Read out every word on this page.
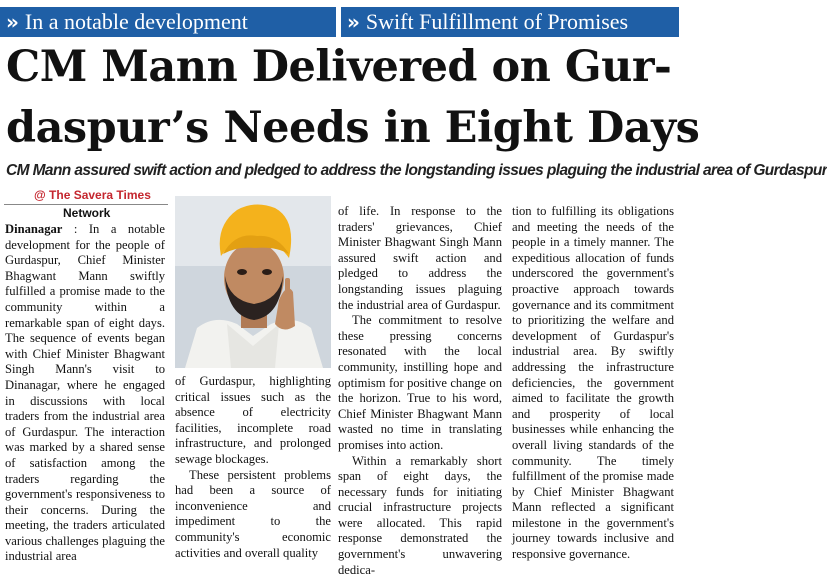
» In a notable development	» Swift Fulfillment of Promises
CM Mann Delivered on Gur-
daspur’s Needs in Eight Days
CM Mann assured swift action and pledged to address the longstanding issues plaguing the industrial area of Gurdaspur
@ The Savera Times
Network

Dinanagar : In a notable development for the people of Gurdaspur, Chief Minister Bhagwant Mann swiftly fulfilled a promise made to the community within a remarkable span of eight days. The sequence of events began with Chief Minister Bhagwant Singh Mann's visit to Dinanagar, where he engaged in discussions with local traders from the industrial area of Gurdaspur. The interaction was marked by a shared sense of satisfaction among the traders regarding the government's responsiveness to their concerns. During the meeting, the traders articulated various challenges plaguing the industrial area

of Gurdaspur, highlighting critical issues such as the absence of electricity facilities, incomplete road infrastructure, and prolonged sewage blockages.

These persistent problems had been a source of inconvenience and impediment to the community's economic activities and overall quality

of life. In response to the traders' grievances, Chief Minister Bhagwant Singh Mann assured swift action and pledged to address the longstanding issues plaguing the industrial area of Gurdaspur.

The commitment to resolve these pressing concerns resonated with the local community, instilling hope and optimism for positive change on the horizon. True to his word, Chief Minister Bhagwant Mann wasted no time in translating promises into action.

Within a remarkably short span of eight days, the necessary funds for initiating crucial infrastructure projects were allocated. This rapid response demonstrated the government's unwavering dedica-

tion to fulfilling its obligations and meeting the needs of the people in a timely manner. The expeditious allocation of funds underscored the government's proactive approach towards governance and its commitment to prioritizing the welfare and development of Gurdaspur's industrial area. By swiftly addressing the infrastructure deficiencies, the government aimed to facilitate the growth and prosperity of local businesses while enhancing the overall living standards of the community. The timely fulfillment of the promise made by Chief Minister Bhagwant Mann reflected a significant milestone in the government's journey towards inclusive and responsive governance.
